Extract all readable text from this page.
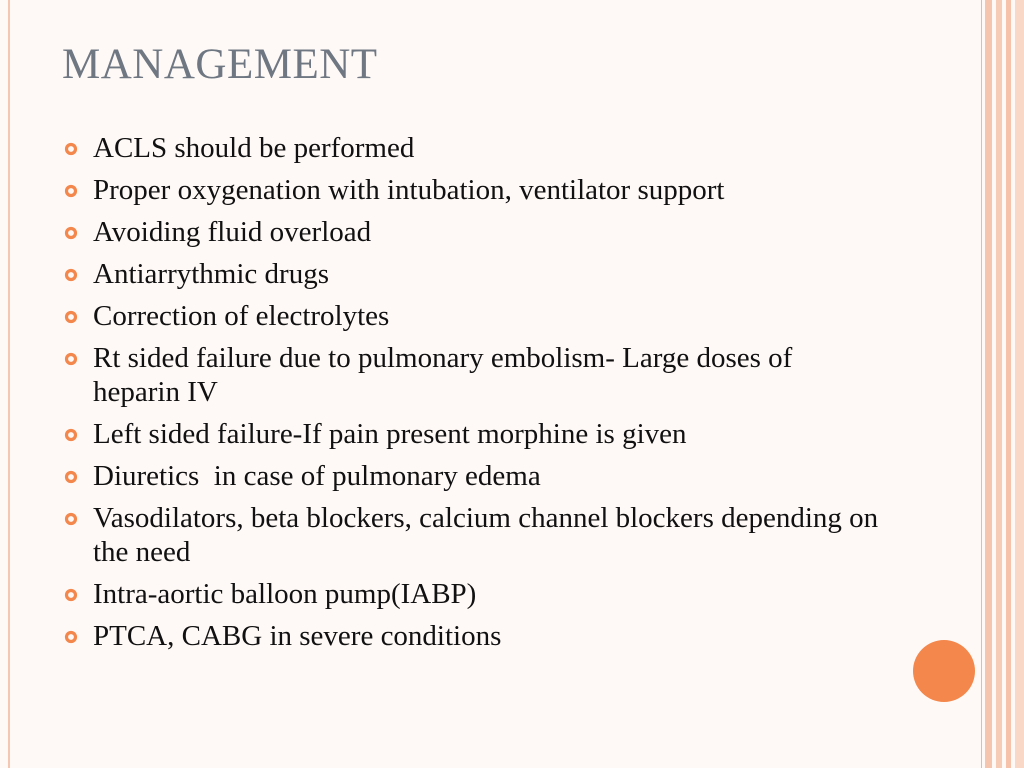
MANAGEMENT
ACLS should be performed
Proper oxygenation with intubation, ventilator support
Avoiding fluid overload
Antiarrythmic drugs
Correction of electrolytes
Rt sided failure due to pulmonary embolism- Large doses of heparin IV
Left sided failure-If pain present morphine is given
Diuretics  in case of pulmonary edema
Vasodilators, beta blockers, calcium channel blockers depending on the need
Intra-aortic balloon pump(IABP)
PTCA, CABG in severe conditions
